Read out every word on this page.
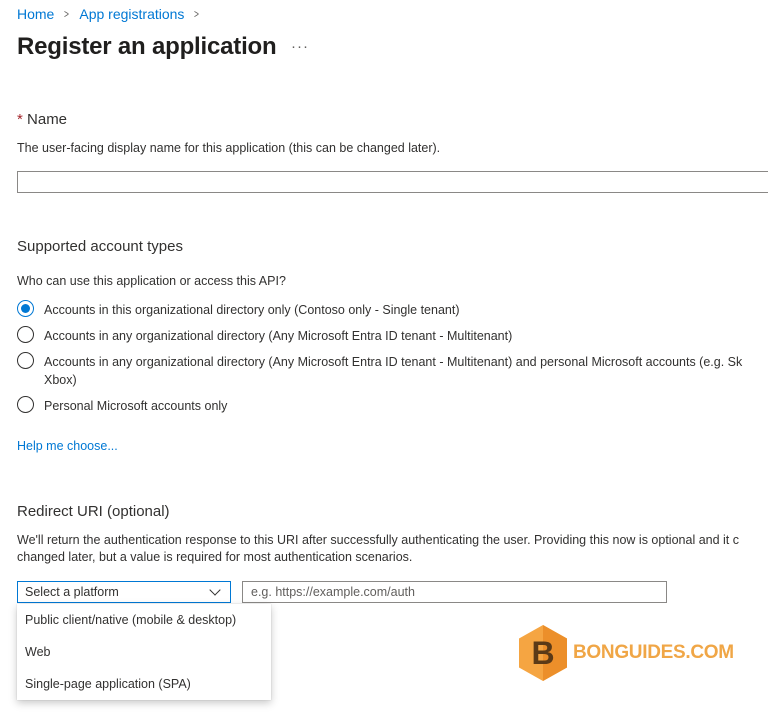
Home > App registrations >
Register an application ···
* Name
The user-facing display name for this application (this can be changed later).
Supported account types
Who can use this application or access this API?
Accounts in this organizational directory only (Contoso only - Single tenant)
Accounts in any organizational directory (Any Microsoft Entra ID tenant - Multitenant)
Accounts in any organizational directory (Any Microsoft Entra ID tenant - Multitenant) and personal Microsoft accounts (e.g. Sk
Xbox)
Personal Microsoft accounts only
Help me choose...
Redirect URI (optional)
We'll return the authentication response to this URI after successfully authenticating the user. Providing this now is optional and it c
changed later, but a value is required for most authentication scenarios.
Select a platform
e.g. https://example.com/auth
Public client/native (mobile & desktop)
Web
Single-page application (SPA)
B BONGUIDES.COM
